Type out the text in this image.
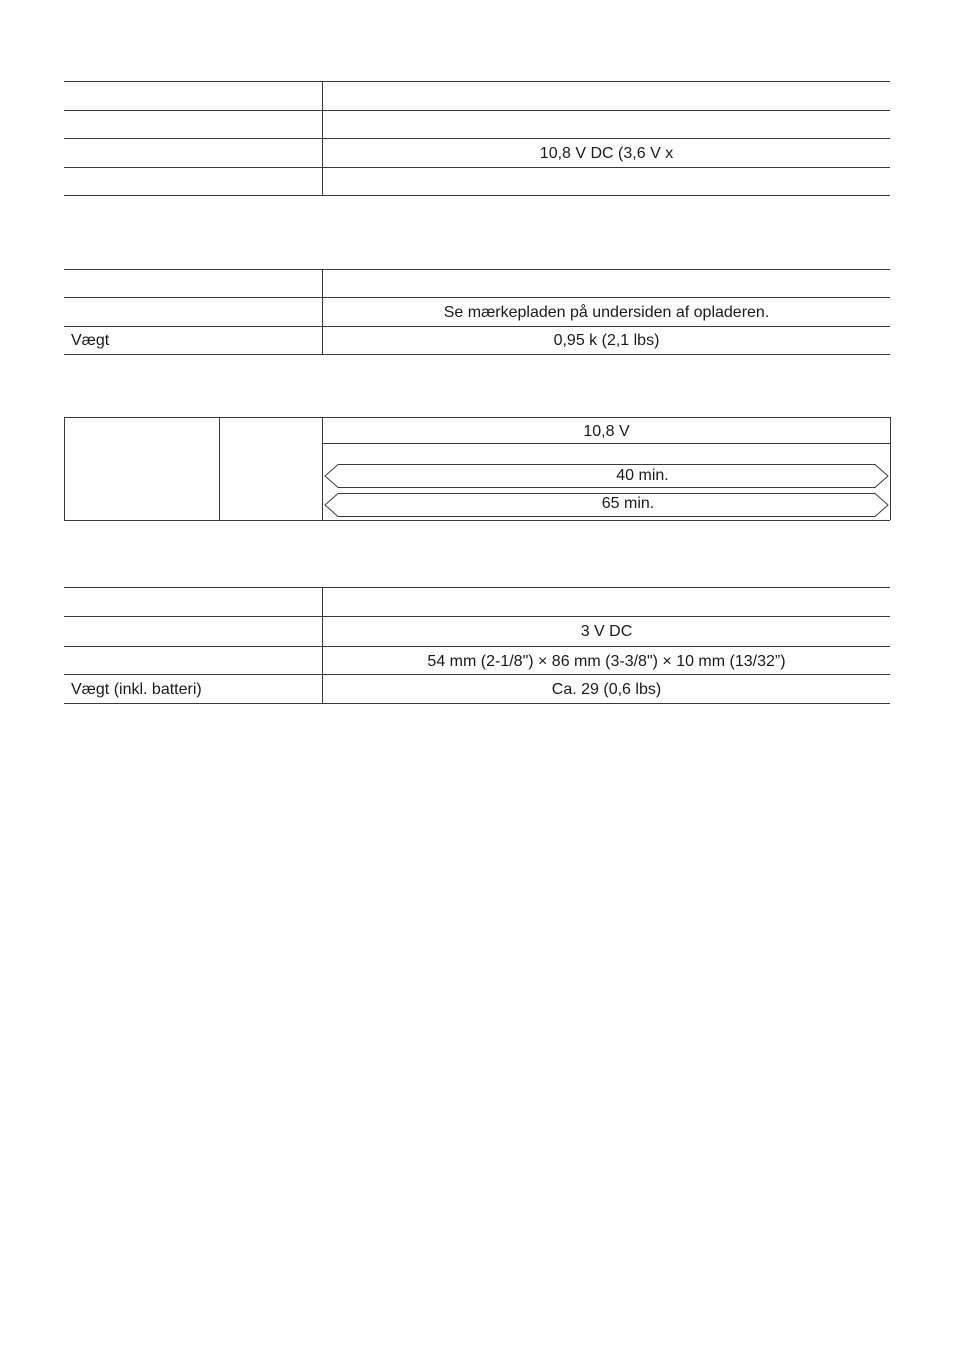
10,8 V DC (3,6 V x
Se mærkepladen på undersiden af opladeren.
Vægt	0,95 k (2,1 lbs)
10,8 V
40 min.
65 min.
3 V DC
54 mm (2-1/8") × 86 mm (3-3/8") × 10 mm (13/32”)
Vægt (inkl. batteri)	Ca. 29 (0,6 lbs)
